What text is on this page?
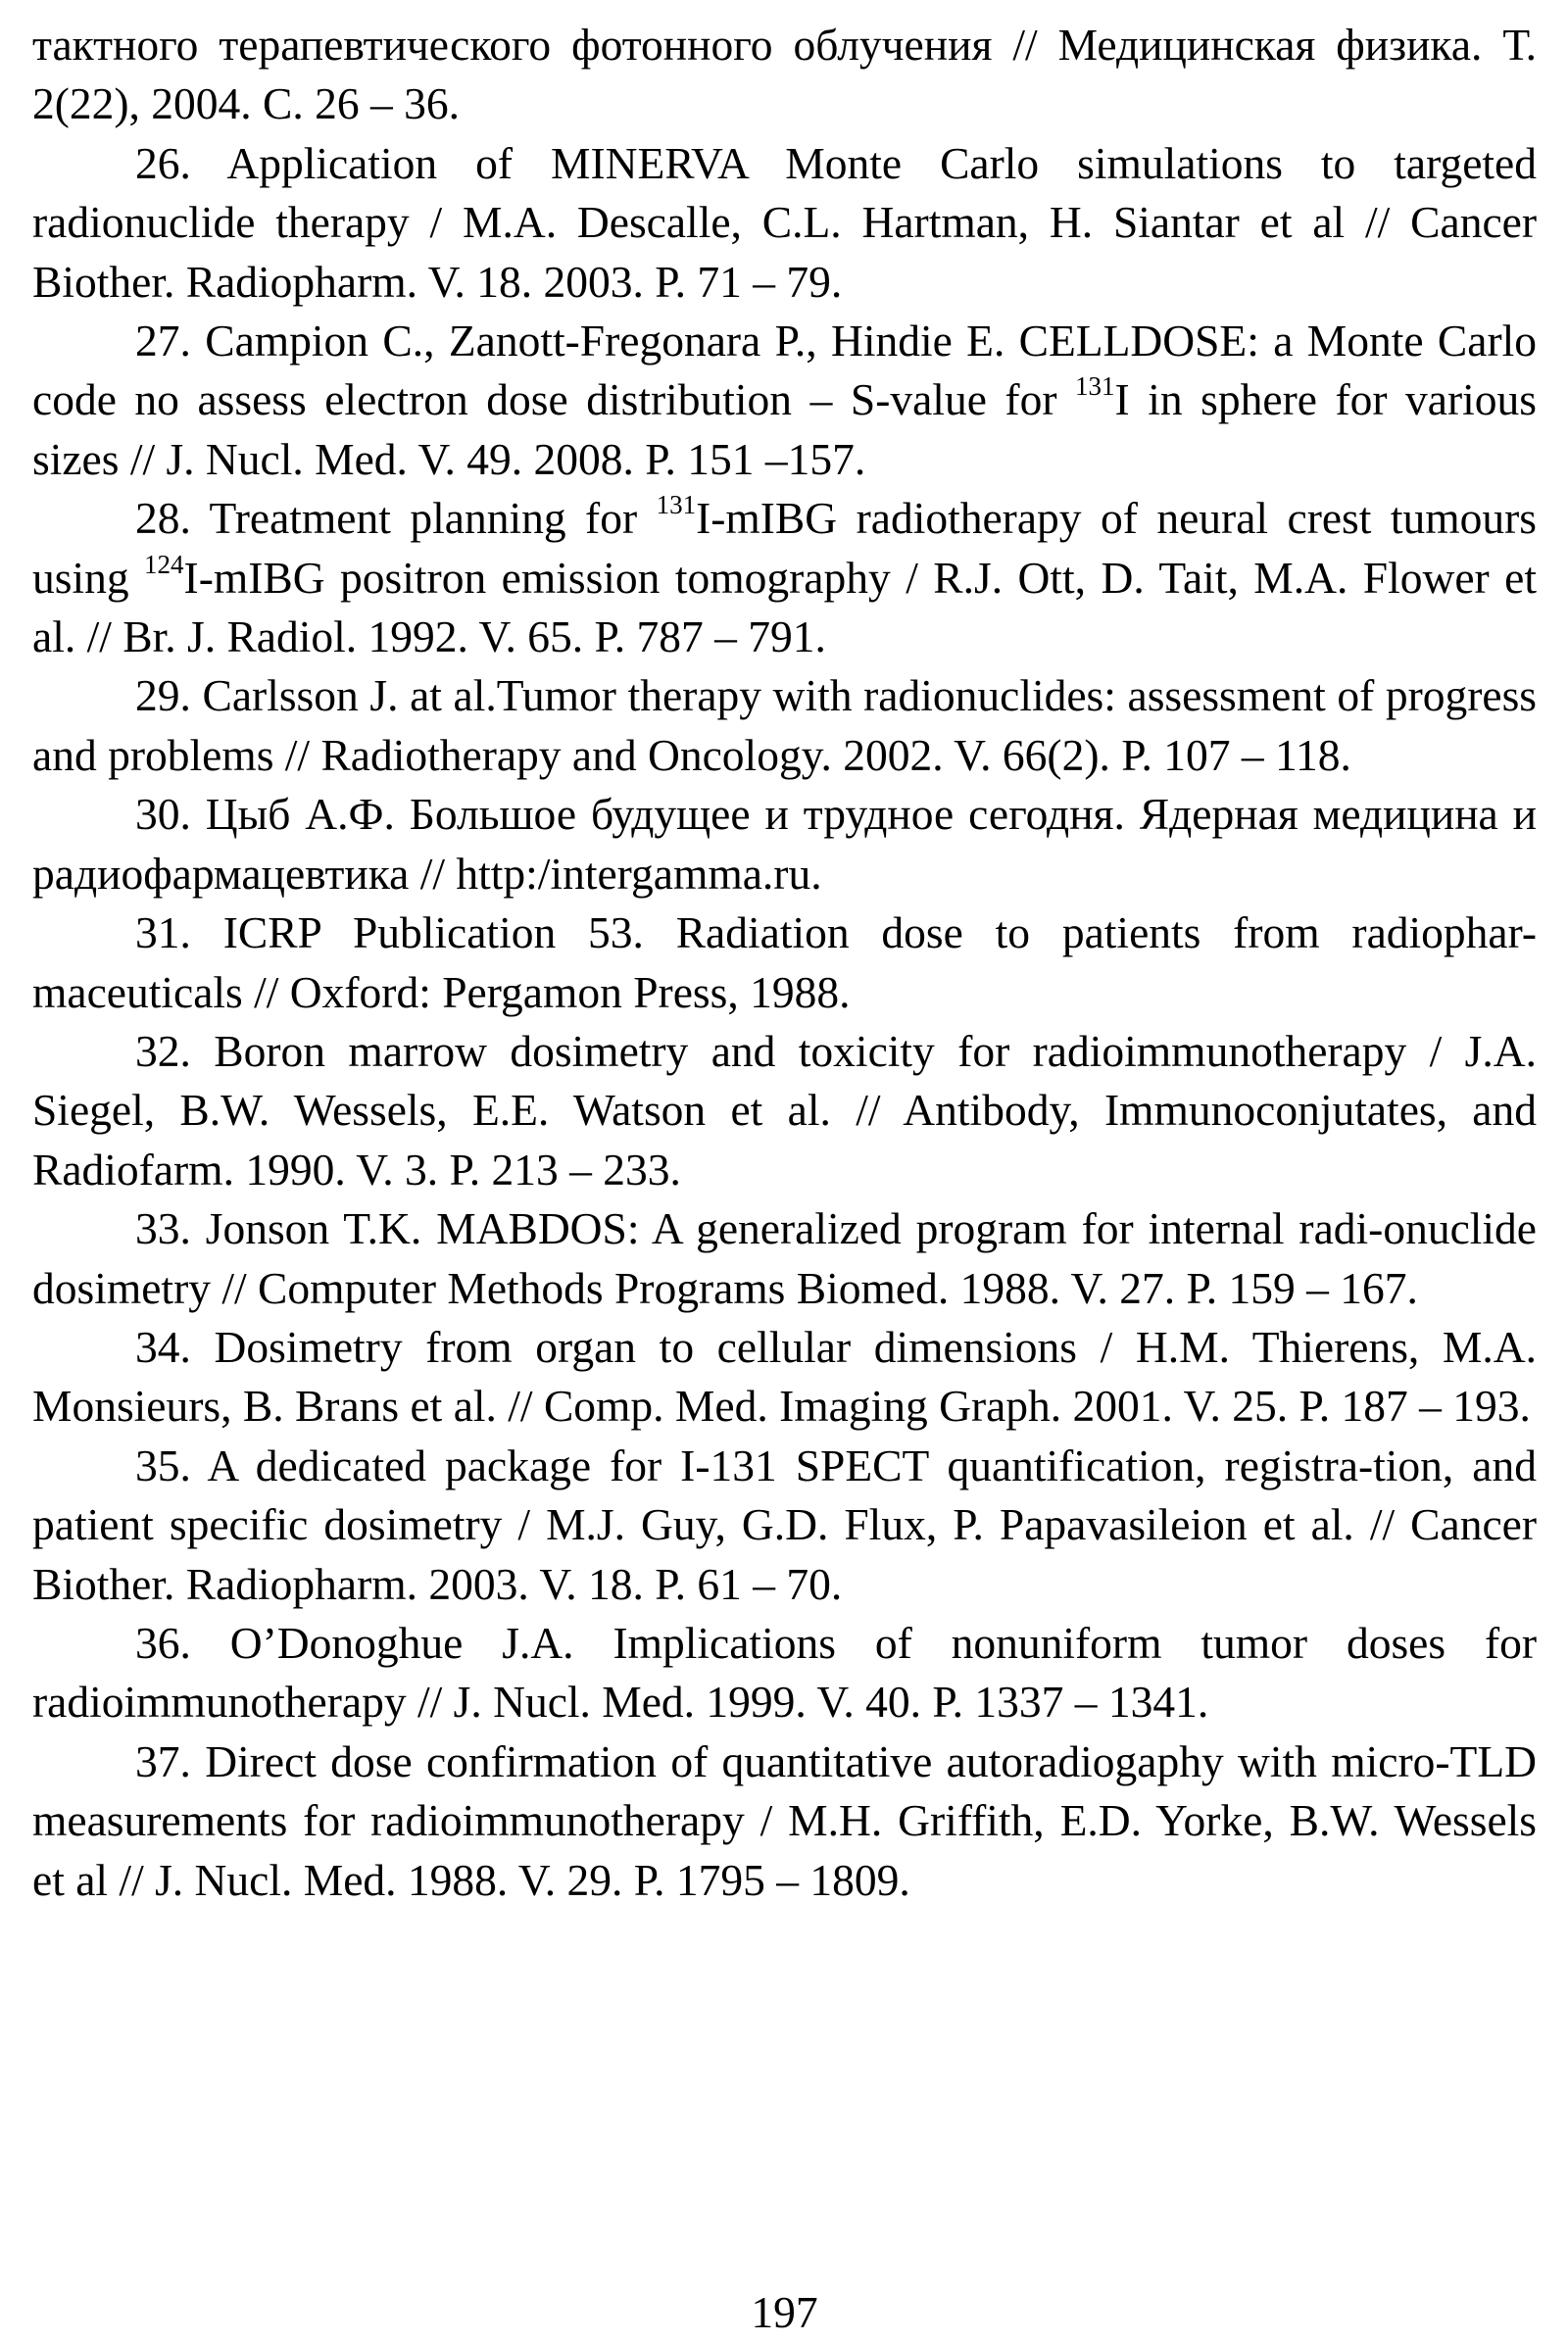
тактного терапевтического фотонного облучения // Медицинская физика. Т. 2(22), 2004. С. 26 – 36.

26. Application of MINERVA Monte Carlo simulations to targeted radionuclide therapy / M.A. Descalle, C.L. Hartman, H. Siantar et al // Cancer Biother. Radiopharm. V. 18. 2003. P. 71 – 79.

27. Campion C., Zanott-Fregonara P., Hindie E. CELLDOSE: a Monte Carlo code no assess electron dose distribution – S-value for $^{131}$I in sphere for various sizes // J. Nucl. Med. V. 49. 2008. P. 151 –157.

28. Treatment planning for $^{131}$I-mIBG radiotherapy of neural crest tumours using $^{124}$I-mIBG positron emission tomography / R.J. Ott, D. Tait, M.A. Flower et al. // Br. J. Radiol. 1992. V. 65. P. 787 – 791.

29. Carlsson J. at al.Tumor therapy with radionuclides: assessment of progress and problems // Radiotherapy and Oncology. 2002. V. 66(2). P. 107 – 118.

30. Цыб А.Ф. Большое будущее и трудное сегодня. Ядерная медицина и радиофармацевтика // http:/intergamma.ru.

31. ICRP Publication 53. Radiation dose to patients from radiophar-maceuticals // Oxford: Pergamon Press, 1988.

32. Boron marrow dosimetry and toxicity for radioimmunotherapy / J.A. Siegel, B.W. Wessels, E.E. Watson et al. // Antibody, Immunoconjutates, and Radiofarm. 1990. V. 3. P. 213 – 233.

33. Jonson T.K. MABDOS: A generalized program for internal radi-onuclide dosimetry // Computer Methods Programs Biomed. 1988. V. 27. P. 159 – 167.

34. Dosimetry from organ to cellular dimensions / H.M. Thierens, M.A. Monsieurs, B. Brans et al. // Comp. Med. Imaging Graph. 2001. V. 25. P. 187 – 193.

35. A dedicated package for I-131 SPECT quantification, registra-tion, and patient specific dosimetry / M.J. Guy, G.D. Flux, P. Papavasileion et al. // Cancer Biother. Radiopharm. 2003. V. 18. P. 61 – 70.

36. O’Donoghue J.A. Implications of nonuniform tumor doses for radioimmunotherapy // J. Nucl. Med. 1999. V. 40. P. 1337 – 1341.

37. Direct dose confirmation of quantitative autoradiogaphy with micro-TLD measurements for radioimmunotherapy / M.H. Griffith, E.D. Yorke, B.W. Wessels et al // J. Nucl. Med. 1988. V. 29. P. 1795 – 1809.

197
